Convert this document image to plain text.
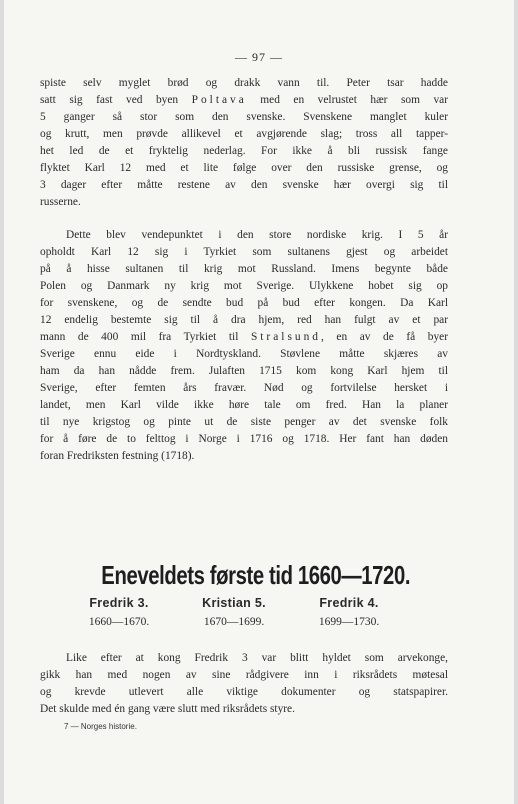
— 97 —
spiste selv myglet brød og drakk vann til. Peter tsar hadde
satt sig fast ved byen Poltava med en velrustet hær som var
5 ganger så stor som den svenske. Svenskene manglet kuler
og krutt, men prøvde allikevel et avgjørende slag; tross all tapper-
het led de et fryktelig nederlag. For ikke å bli russisk fange
flyktet Karl 12 med et lite følge over den russiske grense, og
3 dager efter måtte restene av den svenske hær overgi sig til
russerne.
Dette blev vendepunktet i den store nordiske krig. I 5 år
opholdt Karl 12 sig i Tyrkiet som sultanens gjest og arbeidet
på å hisse sultanen til krig mot Russland. Imens begynte både
Polen og Danmark ny krig mot Sverige. Ulykkene hobet sig op
for svenskene, og de sendte bud på bud efter kongen. Da Karl
12 endelig bestemte sig til å dra hjem, red han fulgt av et par
mann de 400 mil fra Tyrkiet til Stralsund, en av de få byer
Sverige ennu eide i Nordtyskland. Støvlene måtte skjæres av
ham da han nådde frem. Julaften 1715 kom kong Karl hjem til
Sverige, efter femten års fravær. Nød og fortvilelse hersket i
landet, men Karl vilde ikke høre tale om fred. Han la planer
til nye krigstog og pinte ut de siste penger av det svenske folk
for å føre de to felttog i Norge i 1716 og 1718. Her fant han døden
foran Fredriksten festning (1718).
Eneveldets første tid 1660—1720.
Fredrik 3.
1660—1670.
Kristian 5.
1670—1699.
Fredrik 4.
1699—1730.
Like efter at kong Fredrik 3 var blitt hyldet som arvekonge,
gikk han med nogen av sine rådgivere inn i riksrådets møtesal
og krevde utlevert alle viktige dokumenter og statspapirer.
Det skulde med én gang være slutt med riksrådets styre.
7 — Norges historie.
